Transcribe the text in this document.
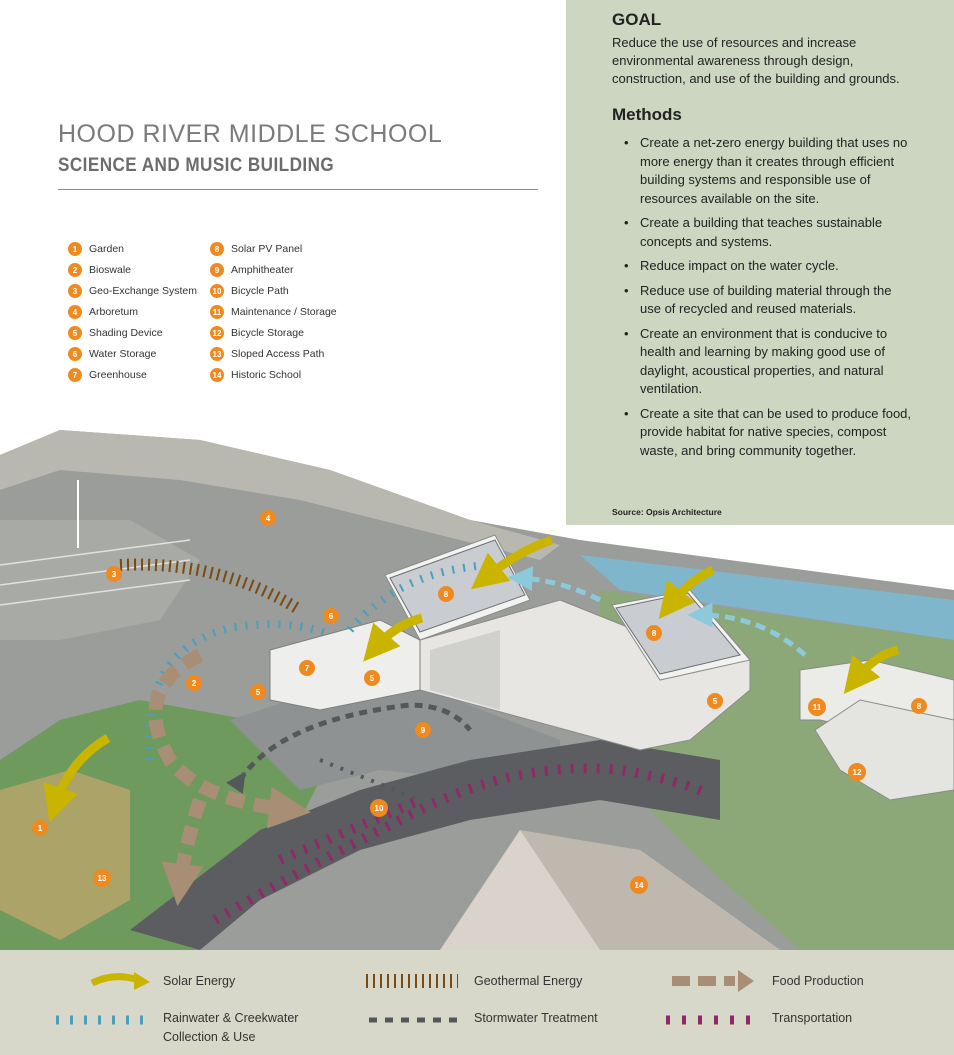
GOAL
Reduce the use of resources and increase environmental awareness through design, construction, and use of the building and grounds.
Methods
• Create a net-zero energy building that uses no more energy than it creates through efficient building systems and responsible use of resources available on the site.
• Create a building that teaches sustainable concepts and systems.
• Reduce impact on the water cycle.
• Reduce use of building material through the use of recycled and reused materials.
• Create an environment that is conducive to health and learning by making good use of daylight, acoustical properties, and natural ventilation.
• Create a site that can be used to produce food, provide habitat for native species, compost waste, and bring community together.
Source: Opsis Architecture
HOOD RIVER MIDDLE SCHOOL
SCIENCE AND MUSIC BUILDING
1	Garden
2	Bioswale
3	Geo-Exchange System
4	Arboretum
5	Shading Device
6	Water Storage
7	Greenhouse
8	Solar PV Panel
9	Amphitheater
10 Bicycle Path
11 Maintenance / Storage
12 Bicycle Storage
13 Sloped Access Path
14 Historic School
1
2
3
4
5
5
5
6
7
8
8
8
9
10
11
12
13
14
Solar Energy	Geothermal Energy	Food Production
Rainwater & Creekwater
Collection & Use
Stormwater Treatment	Transportation
